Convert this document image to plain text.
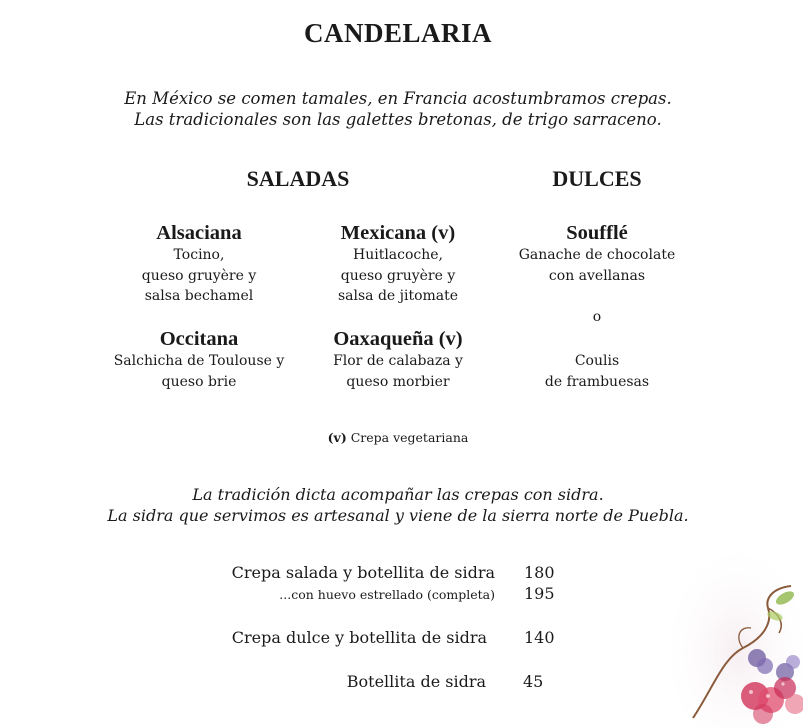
CANDELARIA
En México se comen tamales, en Francia acostumbramos crepas.
Las tradicionales son las galettes bretonas, de trigo sarraceno.
SALADAS	DULCES
Alsaciana
Tocino,
queso gruyère y
salsa bechamel
Mexicana (v)
Huitlacoche,
queso gruyère y
salsa de jitomate
Occitana
Salchicha de Toulouse y
queso brie
Oaxaqueña (v)
Flor de calabaza y
queso morbier
Soufflé
Ganache de chocolate
con avellanas
o
Coulis
de frambuesas
(v) Crepa vegetariana
La tradición dicta acompañar las crepas con sidra.
La sidra que servimos es artesanal y viene de la sierra norte de Puebla.
Crepa salada y botellita de sidra 180
...con huevo estrellado (completa) 195
Crepa dulce y botellita de sidra 140
Botellita de sidra 45
